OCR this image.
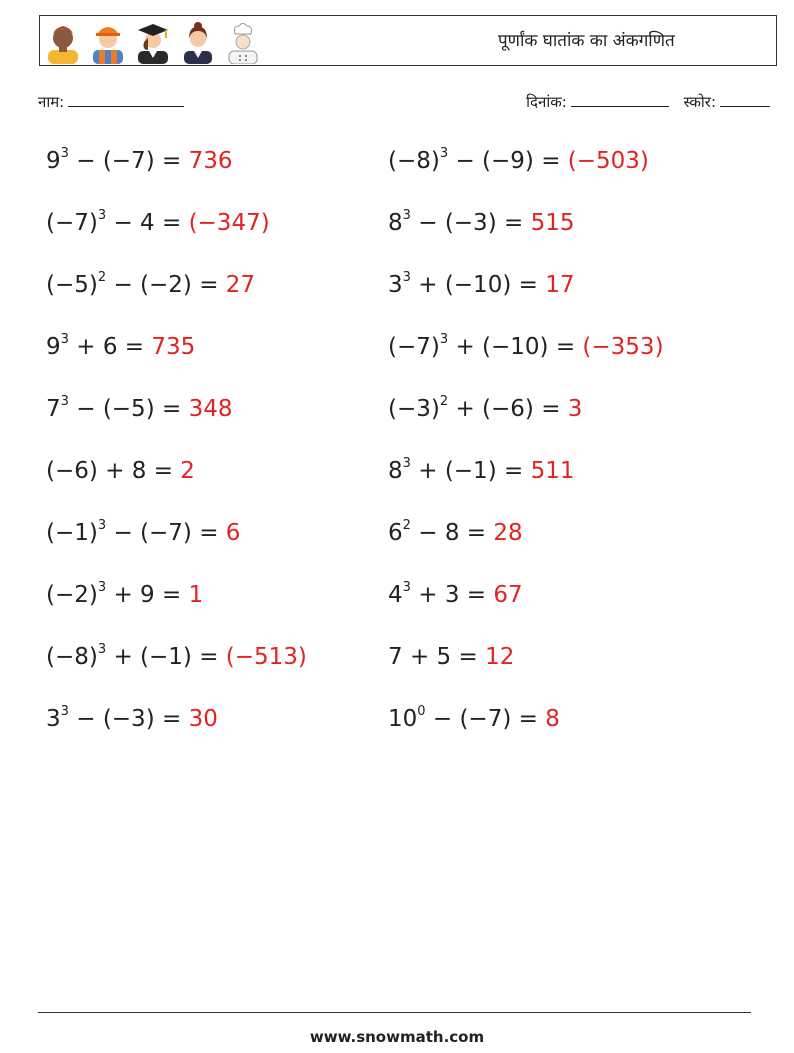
पूर्णांक घातांक का अंकगणित
नाम:	दिनांक:	स्कोर:
$9^3 - (-7) = 736$
$(-7)^3 - 4 = (-347)$
$(-5)^2 - (-2) = 27$
$9^3 + 6 = 735$
$7^3 - (-5) = 348$
(−6) + 8 = 2
$(-1)^3 - (-7) = 6$
$(-2)^3 + 9 = 1$
$(-8)^3 + (-1) = (-513)$
$3^3 - (-3) = 30$
$(-8)^3 - (-9) = (-503)$
$8^3 - (-3) = 515$
$3^3 + (-10) = 17$
$(-7)^3 + (-10) = (-353)$
$(-3)^2 + (-6) = 3$
$8^3 + (-1) = 511$
$6^2 - 8 = 28$
$4^3 + 3 = 67$
7 + 5 = 12
$10^0 - (-7) = 8$
www.snowmath.com
